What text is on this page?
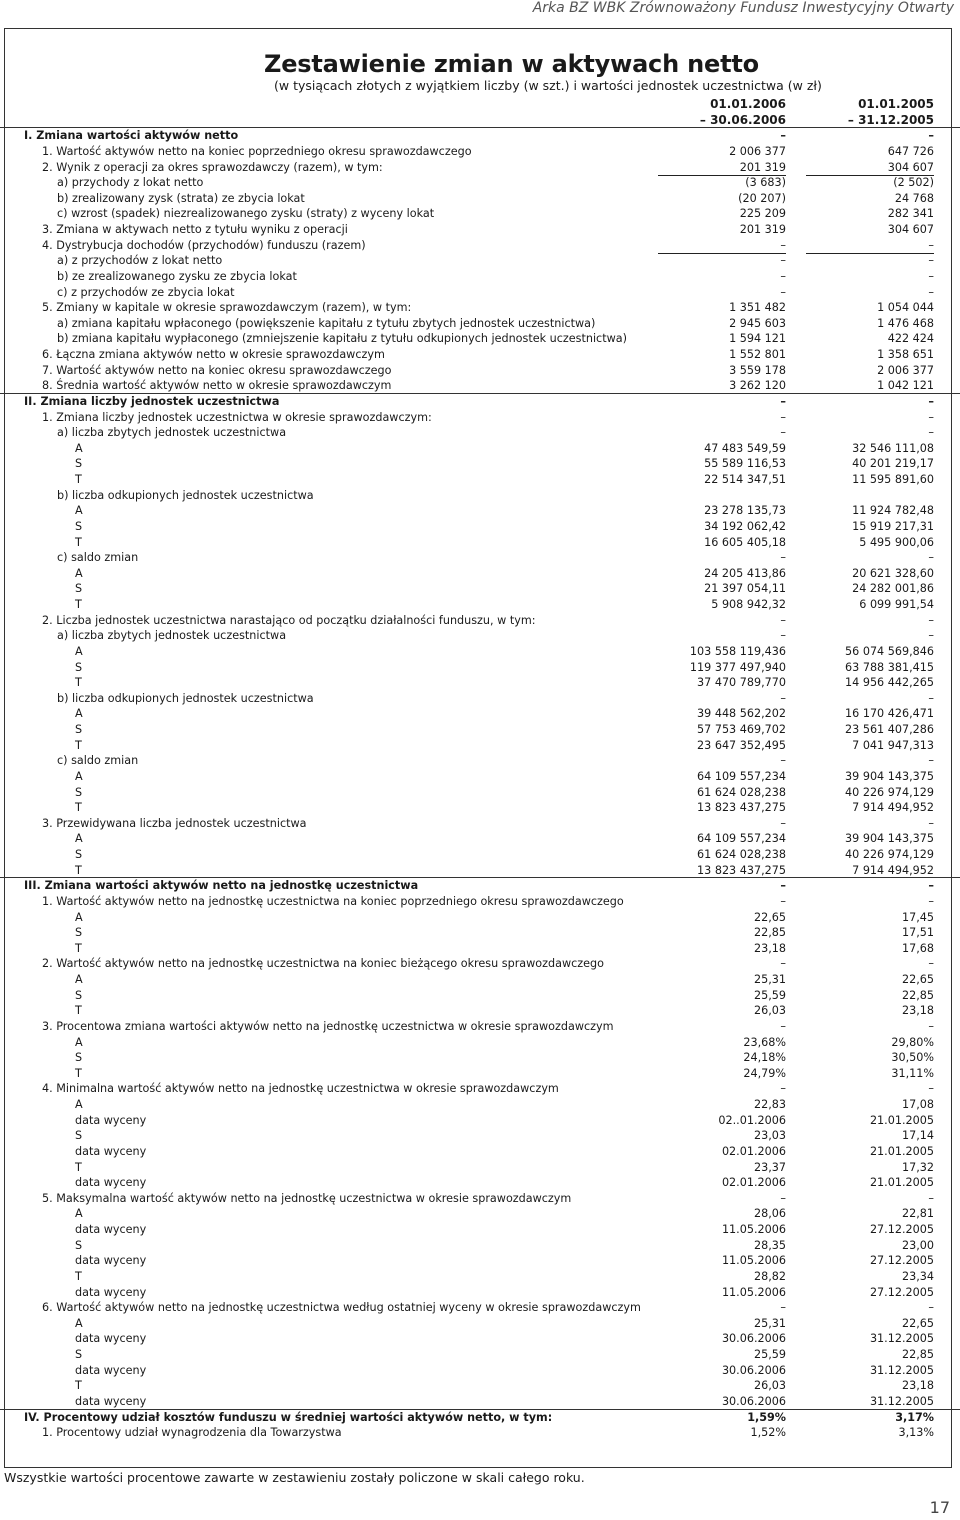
Arka BZ WBK Zrównoważony Fundusz Inwestycyjny Otwarty
Zestawienie zmian w aktywach netto
(w tysiącach złotych z wyjątkiem liczby (w szt.) i wartości jednostek uczestnictwa (w zł)
01.01.2006	01.01.2005
– 30.06.2006	– 31.12.2005
I. Zmiana wartości aktywów netto	–	–
1. Wartość aktywów netto na koniec poprzedniego okresu sprawozdawczego	2 006 377	647 726
2. Wynik z operacji za okres sprawozdawczy (razem), w tym:	201 319	304 607
a) przychody z lokat netto	(3 683)	(2 502)
b) zrealizowany zysk (strata) ze zbycia lokat	(20 207)	24 768
c) wzrost (spadek) niezrealizowanego zysku (straty) z wyceny lokat	225 209	282 341
3. Zmiana w aktywach netto z tytułu wyniku z operacji	201 319	304 607
4. Dystrybucja dochodów (przychodów) funduszu (razem)	–	–
a) z przychodów z lokat netto	–	–
b) ze zrealizowanego zysku ze zbycia lokat	–	–
c) z przychodów ze zbycia lokat	–	–
5. Zmiany w kapitale w okresie sprawozdawczym (razem), w tym:	1 351 482	1 054 044
a) zmiana kapitału wpłaconego (powiększenie kapitału z tytułu zbytych jednostek uczestnictwa)	2 945 603	1 476 468
b) zmiana kapitału wypłaconego (zmniejszenie kapitału z tytułu odkupionych jednostek uczestnictwa)	1 594 121	422 424
6. Łączna zmiana aktywów netto w okresie sprawozdawczym	1 552 801	1 358 651
7. Wartość aktywów netto na koniec okresu sprawozdawczego	3 559 178	2 006 377
8. Średnia wartość aktywów netto w okresie sprawozdawczym	3 262 120	1 042 121
II. Zmiana liczby jednostek uczestnictwa	–	–
1. Zmiana liczby jednostek uczestnictwa w okresie sprawozdawczym:	–	–
a) liczba zbytych jednostek uczestnictwa	–	–
A	47 483 549,59	32 546 111,08
S	55 589 116,53	40 201 219,17
T	22 514 347,51	11 595 891,60
b) liczba odkupionych jednostek uczestnictwa
A	23 278 135,73	11 924 782,48
S	34 192 062,42	15 919 217,31
T	16 605 405,18	5 495 900,06
c) saldo zmian	–	–
A	24 205 413,86	20 621 328,60
S	21 397 054,11	24 282 001,86
T	5 908 942,32	6 099 991,54
2. Liczba jednostek uczestnictwa narastająco od początku działalności funduszu, w tym:	–	–
a) liczba zbytych jednostek uczestnictwa	–	–
A	103 558 119,436	56 074 569,846
S	119 377 497,940	63 788 381,415
T	37 470 789,770	14 956 442,265
b) liczba odkupionych jednostek uczestnictwa	–	–
A	39 448 562,202	16 170 426,471
S	57 753 469,702	23 561 407,286
T	23 647 352,495	7 041 947,313
c) saldo zmian	–	–
A	64 109 557,234	39 904 143,375
S	61 624 028,238	40 226 974,129
T	13 823 437,275	7 914 494,952
3. Przewidywana liczba jednostek uczestnictwa	–	–
A	64 109 557,234	39 904 143,375
S	61 624 028,238	40 226 974,129
T	13 823 437,275	7 914 494,952
III. Zmiana wartości aktywów netto na jednostkę uczestnictwa	–	–
1. Wartość aktywów netto na jednostkę uczestnictwa na koniec poprzedniego okresu sprawozdawczego	–	–
A	22,65	17,45
S	22,85	17,51
T	23,18	17,68
2. Wartość aktywów netto na jednostkę uczestnictwa na koniec bieżącego okresu sprawozdawczego	–	–
A	25,31	22,65
S	25,59	22,85
T	26,03	23,18
3. Procentowa zmiana wartości aktywów netto na jednostkę uczestnictwa w okresie sprawozdawczym	–	–
A	23,68%	29,80%
S	24,18%	30,50%
T	24,79%	31,11%
4. Minimalna wartość aktywów netto na jednostkę uczestnictwa w okresie sprawozdawczym	–	–
A	22,83	17,08
data wyceny	02..01.2006	21.01.2005
S	23,03	17,14
data wyceny	02.01.2006	21.01.2005
T	23,37	17,32
data wyceny	02.01.2006	21.01.2005
5. Maksymalna wartość aktywów netto na jednostkę uczestnictwa w okresie sprawozdawczym	–	–
A	28,06	22,81
data wyceny	11.05.2006	27.12.2005
S	28,35	23,00
data wyceny	11.05.2006	27.12.2005
T	28,82	23,34
data wyceny	11.05.2006	27.12.2005
6. Wartość aktywów netto na jednostkę uczestnictwa według ostatniej wyceny w okresie sprawozdawczym	–	–
A	25,31	22,65
data wyceny	30.06.2006	31.12.2005
S	25,59	22,85
data wyceny	30.06.2006	31.12.2005
T	26,03	23,18
data wyceny	30.06.2006	31.12.2005
IV. Procentowy udział kosztów funduszu w średniej wartości aktywów netto, w tym:	1,59%	3,17%
1. Procentowy udział wynagrodzenia dla Towarzystwa	1,52%	3,13%
Wszystkie wartości procentowe zawarte w zestawieniu zostały policzone w skali całego roku.
17
